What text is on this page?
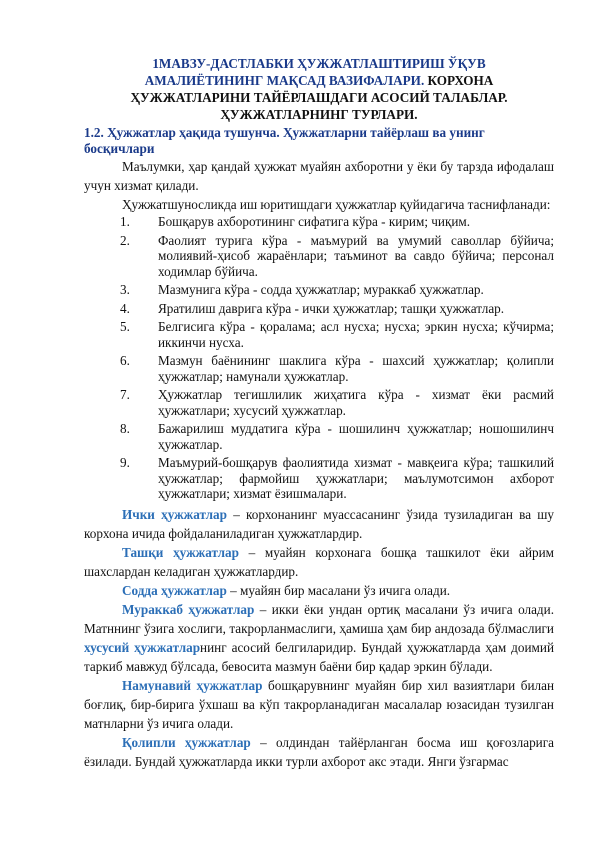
1МАВЗУ-ДАСТЛАБКИ ҲУЖЖАТЛАШТИРИШ ЎҚУВ
АМАЛИЁТИНИНГ МАҚСАД ВАЗИФАЛАРИ. КОРХОНА
ҲУЖЖАТЛАРИНИ ТАЙЁРЛАШДАГИ АСОСИЙ ТАЛАБЛАР.
ҲУЖЖАТЛАРНИНГ ТУРЛАРИ.
1.2. Ҳужжатлар ҳақида тушунча. Ҳужжатларни тайёрлаш ва унинг босқичлари

Маълумки, ҳар қандай ҳужжат муайян ахборотни у ёки бу тарзда ифодалаш учун хизмат қилади.

Ҳужжатшуносликда иш юритишдаги ҳужжатлар қуйидагича таснифланади:

1. Бошқарув ахборотининг сифатига кўра - кирим; чиқим.
2. Фаолият турига кўра - маъмурий ва умумий саволлар бўйича; молиявий-ҳисоб жараёнлари; таъминот ва савдо бўйича; персонал ходимлар бўйича.
3. Мазмунига кўра - содда ҳужжатлар; мураккаб ҳужжатлар.
4. Яратилиш даврига кўра - ички ҳужжатлар; ташқи ҳужжатлар.
5. Белгисига кўра - қоралама; асл нусха; нусха; эркин нусха; кўчирма; иккинчи нусха.
6. Мазмун баёнининг шаклига кўра - шахсий ҳужжатлар; қолипли ҳужжатлар; намунали ҳужжатлар.
7. Ҳужжатлар тегишлилик жиҳатига кўра - хизмат ёки расмий ҳужжатлари; хусусий ҳужжатлар.
8. Бажарилиш муддатига кўра - шошилинч ҳужжатлар; ношошилинч ҳужжатлар.
9. Маъмурий-бошқарув фаолиятида хизмат - мавқеига кўра; ташкилий ҳужжатлар; фармойиш ҳужжатлари; маълумотсимон ахборот ҳужжатлари; хизмат ёзишмалари.

Ички ҳужжатлар – корхонанинг муассасанинг ўзида тузиладиган ва шу корхона ичида фойдаланиладиган ҳужжатлардир.

Ташқи ҳужжатлар – муайян корхонага бошқа ташкилот ёки айрим шахслардан келадиган ҳужжатлардир.

Содда ҳужжатлар – муайян бир масалани ўз ичига олади.

Мураккаб ҳужжатлар – икки ёки ундан ортиқ масалани ўз ичига олади. Матннинг ўзига хослиги, такрорланмаслиги, ҳамиша ҳам бир андозада бўлмаслиги хусусий ҳужжатларнинг асосий белгиларидир. Бундай ҳужжатларда ҳам доимий таркиб мавжуд бўлсада, бевосита мазмун баёни бир қадар эркин бўлади.

Намунавий ҳужжатлар бошқарувнинг муайян бир хил вазиятлари билан боғлиқ, бир-бирига ўхшаш ва кўп такрорланадиган масалалар юзасидан тузилган матнларни ўз ичига олади.

Қолипли ҳужжатлар – олдиндан тайёрланган босма иш қоғозларига ёзилади. Бундай ҳужжатларда икки турли ахборот акс этади. Янги ўзгармас
